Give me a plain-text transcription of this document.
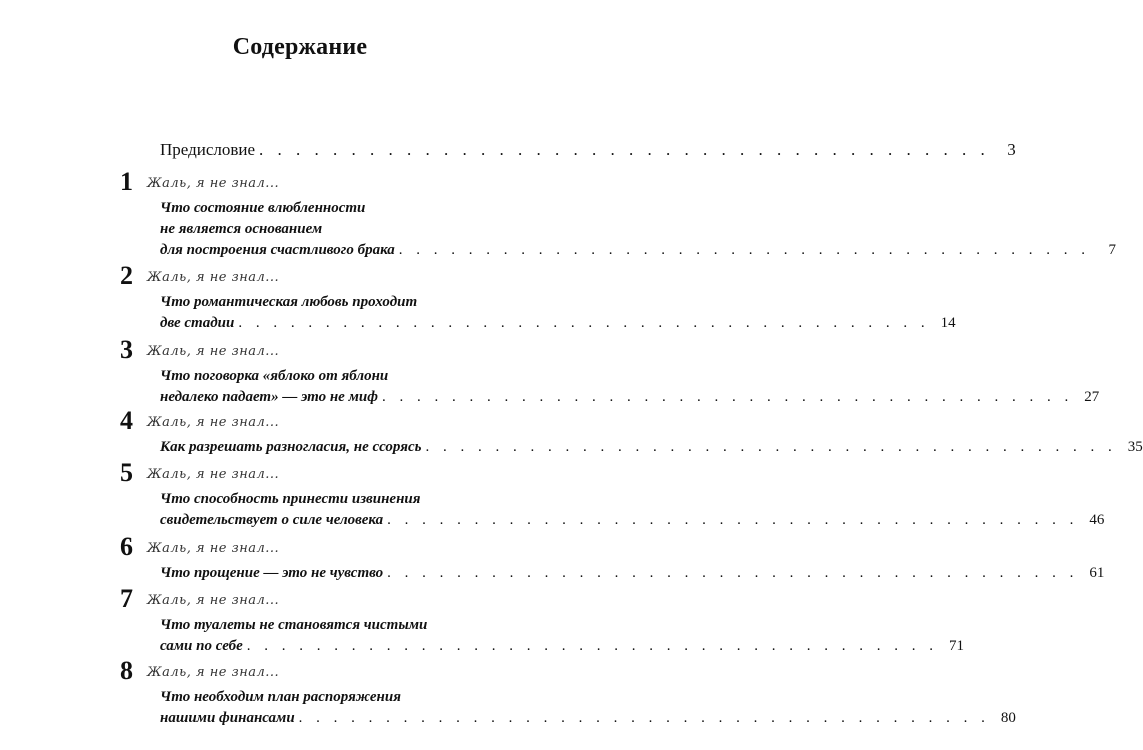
Содержание
Предисловие . . . . . . . . . . . . . . . . . . . . . . . . . . . . . . . . . . . . . . . .	3
1 Жаль, я не знал...
Что состояние влюбленности
не является основанием
для построения счастливого брака . . . . . . . . . . . . . . . . . . . . . . . . . . . . . . . . . . . . . . . .	7
2 Жаль, я не знал...
Что романтическая любовь проходит
две стадии . . . . . . . . . . . . . . . . . . . . . . . . . . . . . . . . . . . . . . . . 14
3 Жаль, я не знал...
Что поговорка «яблоко от яблони
недалеко падает» — это не миф . . . . . . . . . . . . . . . . . . . . . . . . . . . . . . . . . . . . . . . . 27
4 Жаль, я не знал...
Как разрешать разногласия, не ссорясь . . . . . . . . . . . . . . . . . . . . . . . . . . . . . . . . . . . . . . . . 35
5 Жаль, я не знал...
Что способность принести извинения
свидетельствует о силе человека . . . . . . . . . . . . . . . . . . . . . . . . . . . . . . . . . . . . . . . . 46
6 Жаль, я не знал...
Что прощение — это не чувство . . . . . . . . . . . . . . . . . . . . . . . . . . . . . . . . . . . . . . . . 61
7 Жаль, я не знал...
Что туалеты не становятся чистыми
сами по себе . . . . . . . . . . . . . . . . . . . . . . . . . . . . . . . . . . . . . . . . 71
8 Жаль, я не знал...
Что необходим план распоряжения
нашими финансами . . . . . . . . . . . . . . . . . . . . . . . . . . . . . . . . . . . . . . . . 80
